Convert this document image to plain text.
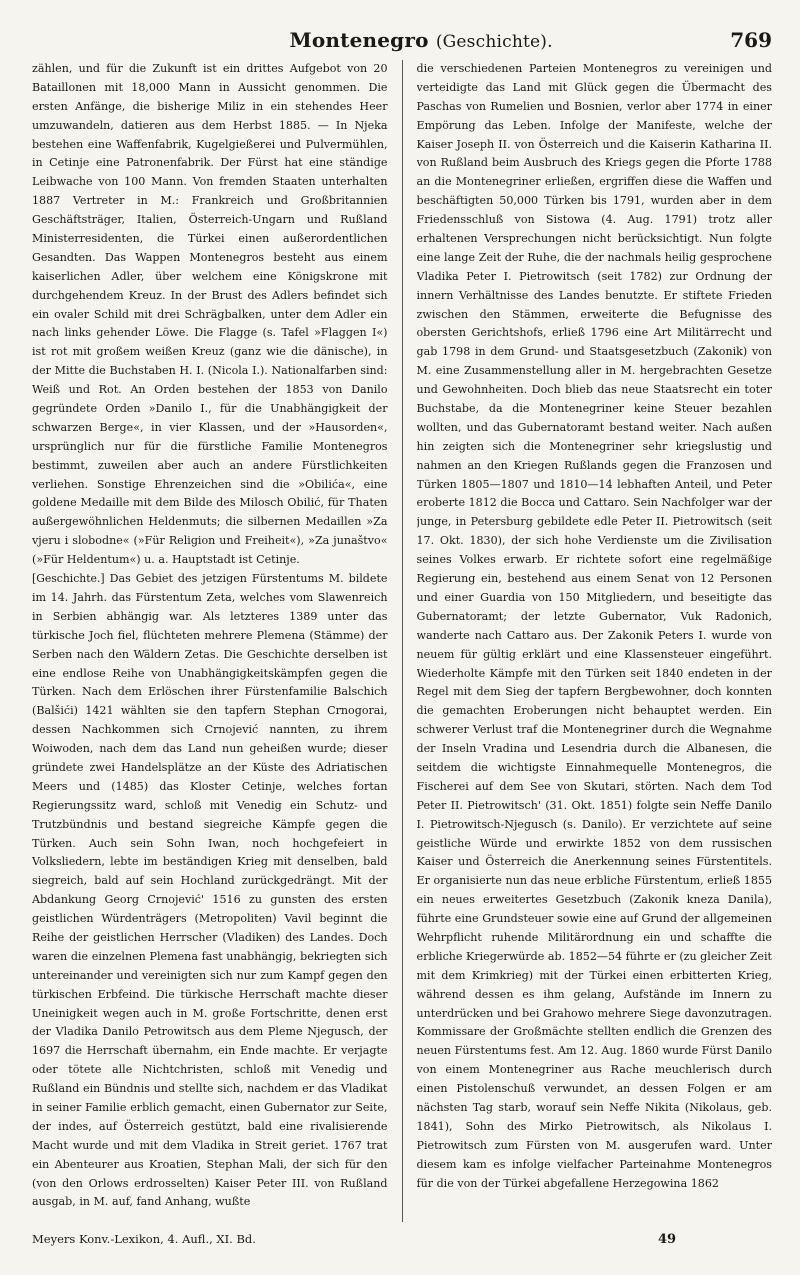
Montenegro (Geschichte).	769

zählen, und für die Zukunft ist ein drittes Aufgebot von 20 Bataillonen mit 18,000 Mann in Aussicht genommen. Die ersten Anfänge, die bisherige Miliz in ein stehendes Heer umzuwandeln, datieren aus dem Herbst 1885. — In Njeka bestehen eine Waffenfabrik, Kugelgießerei und Pulvermühlen, in Cetinje eine Patronenfabrik. Der Fürst hat eine ständige Leibwache von 100 Mann. Von fremden Staaten unterhalten 1887 Vertreter in M.: Frankreich und Großbritannien Geschäftsträger, Italien, Österreich-Ungarn und Rußland Ministerresidenten, die Türkei einen außerordentlichen Gesandten. Das Wappen Montenegros besteht aus einem kaiserlichen Adler, über welchem eine Königskrone mit durchgehendem Kreuz. In der Brust des Adlers befindet sich ein ovaler Schild mit drei Schrägbalken, unter dem Adler ein nach links gehender Löwe. Die Flagge (s. Tafel »Flaggen I«) ist rot mit großem weißen Kreuz (ganz wie die dänische), in der Mitte die Buchstaben H. I. (Nicola I.). Nationalfarben sind: Weiß und Rot. An Orden bestehen der 1853 von Danilo gegründete Orden »Danilo I., für die Unabhängigkeit der schwarzen Berge«, in vier Klassen, und der »Hausorden«, ursprünglich nur für die fürstliche Familie Montenegros bestimmt, zuweilen aber auch an andere Fürstlichkeiten verliehen. Sonstige Ehrenzeichen sind die »Obilića«, eine goldene Medaille mit dem Bilde des Milosch Obilić, für Thaten außergewöhnlichen Heldenmuts; die silbernen Medaillen »Za vjeru i slobodne« (»Für Religion und Freiheit«), »Za junaštvo« (»Für Heldentum«) u. a. Hauptstadt ist Cetinje.

[Geschichte.] Das Gebiet des jetzigen Fürstentums M. bildete im 14. Jahrh. das Fürstentum Zeta, welches vom Slawenreich in Serbien abhängig war. Als letzteres 1389 unter das türkische Joch fiel, flüchteten mehrere Plemena (Stämme) der Serben nach den Wäldern Zetas. Die Geschichte derselben ist eine endlose Reihe von Unabhängigkeitskämpfen gegen die Türken. Nach dem Erlöschen ihrer Fürstenfamilie Balschich (Balšići) 1421 wählten sie den tapfern Stephan Crnogorai, dessen Nachkommen sich Crnojević nannten, zu ihrem Woiwoden, nach dem das Land nun geheißen wurde; dieser gründete zwei Handelsplätze an der Küste des Adriatischen Meers und (1485) das Kloster Cetinje, welches fortan Regierungssitz ward, schloß mit Venedig ein Schutz- und Trutzbündnis und bestand siegreiche Kämpfe gegen die Türken. Auch sein Sohn Iwan, noch hochgefeiert in Volksliedern, lebte im beständigen Krieg mit denselben, bald siegreich, bald auf sein Hochland zurückgedrängt. Mit der Abdankung Georg Crnojević' 1516 zu gunsten des ersten geistlichen Würdenträgers (Metropoliten) Vavil beginnt die Reihe der geistlichen Herrscher (Vladiken) des Landes. Doch waren die einzelnen Plemena fast unabhängig, bekriegten sich untereinander und vereinigten sich nur zum Kampf gegen den türkischen Erbfeind. Die türkische Herrschaft machte dieser Uneinigkeit wegen auch in M. große Fortschritte, denen erst der Vladika Danilo Petrowitsch aus dem Pleme Njegusch, der 1697 die Herrschaft übernahm, ein Ende machte. Er verjagte oder tötete alle Nichtchristen, schloß mit Venedig und Rußland ein Bündnis und stellte sich, nachdem er das Vladikat in seiner Familie erblich gemacht, einen Gubernator zur Seite, der indes, auf Österreich gestützt, bald eine rivalisierende Macht wurde und mit dem Vladika in Streit geriet. 1767 trat ein Abenteurer aus Kroatien, Stephan Mali, der sich für den (von den Orlows erdrosselten) Kaiser Peter III. von Rußland ausgab, in M. auf, fand Anhang, wußte

die verschiedenen Parteien Montenegros zu vereinigen und verteidigte das Land mit Glück gegen die Übermacht des Paschas von Rumelien und Bosnien, verlor aber 1774 in einer Empörung das Leben. Infolge der Manifeste, welche der Kaiser Joseph II. von Österreich und die Kaiserin Katharina II. von Rußland beim Ausbruch des Kriegs gegen die Pforte 1788 an die Montenegriner erließen, ergriffen diese die Waffen und beschäftigten 50,000 Türken bis 1791, wurden aber in dem Friedensschluß von Sistowa (4. Aug. 1791) trotz aller erhaltenen Versprechungen nicht berücksichtigt. Nun folgte eine lange Zeit der Ruhe, die der nachmals heilig gesprochene Vladika Peter I. Pietrowitsch (seit 1782) zur Ordnung der innern Verhältnisse des Landes benutzte. Er stiftete Frieden zwischen den Stämmen, erweiterte die Befugnisse des obersten Gerichtshofs, erließ 1796 eine Art Militärrecht und gab 1798 in dem Grund- und Staatsgesetzbuch (Zakonik) von M. eine Zusammenstellung aller in M. hergebrachten Gesetze und Gewohnheiten. Doch blieb das neue Staatsrecht ein toter Buchstabe, da die Montenegriner keine Steuer bezahlen wollten, und das Gubernatoramt bestand weiter. Nach außen hin zeigten sich die Montenegriner sehr kriegslustig und nahmen an den Kriegen Rußlands gegen die Franzosen und Türken 1805—1807 und 1810—14 lebhaften Anteil, und Peter eroberte 1812 die Bocca und Cattaro. Sein Nachfolger war der junge, in Petersburg gebildete edle Peter II. Pietrowitsch (seit 17. Okt. 1830), der sich hohe Verdienste um die Zivilisation seines Volkes erwarb. Er richtete sofort eine regelmäßige Regierung ein, bestehend aus einem Senat von 12 Personen und einer Guardia von 150 Mitgliedern, und beseitigte das Gubernatoramt; der letzte Gubernator, Vuk Radonich, wanderte nach Cattaro aus. Der Zakonik Peters I. wurde von neuem für gültig erklärt und eine Klassensteuer eingeführt. Wiederholte Kämpfe mit den Türken seit 1840 endeten in der Regel mit dem Sieg der tapfern Bergbewohner, doch konnten die gemachten Eroberungen nicht behauptet werden. Ein schwerer Verlust traf die Montenegriner durch die Wegnahme der Inseln Vradina und Lesendria durch die Albanesen, die seitdem die wichtigste Einnahmequelle Montenegros, die Fischerei auf dem See von Skutari, störten. Nach dem Tod Peter II. Pietrowitsch' (31. Okt. 1851) folgte sein Neffe Danilo I. Pietrowitsch-Njegusch (s. Danilo). Er verzichtete auf seine geistliche Würde und erwirkte 1852 von dem russischen Kaiser und Österreich die Anerkennung seines Fürstentitels. Er organisierte nun das neue erbliche Fürstentum, erließ 1855 ein neues erweitertes Gesetzbuch (Zakonik kneza Danila), führte eine Grundsteuer sowie eine auf Grund der allgemeinen Wehrpflicht ruhende Militärordnung ein und schaffte die erbliche Kriegerwürde ab. 1852—54 führte er (zu gleicher Zeit mit dem Krimkrieg) mit der Türkei einen erbitterten Krieg, während dessen es ihm gelang, Aufstände im Innern zu unterdrücken und bei Grahowo mehrere Siege davonzutragen. Kommissare der Großmächte stellten endlich die Grenzen des neuen Fürstentums fest. Am 12. Aug. 1860 wurde Fürst Danilo von einem Montenegriner aus Rache meuchlerisch durch einen Pistolenschuß verwundet, an dessen Folgen er am nächsten Tag starb, worauf sein Neffe Nikita (Nikolaus, geb. 1841), Sohn des Mirko Pietrowitsch, als Nikolaus I. Pietrowitsch zum Fürsten von M. ausgerufen ward. Unter diesem kam es infolge vielfacher Parteinahme Montenegros für die von der Türkei abgefallene Herzegowina 1862

Meyers Konv.-Lexikon, 4. Aufl., XI. Bd.	49
